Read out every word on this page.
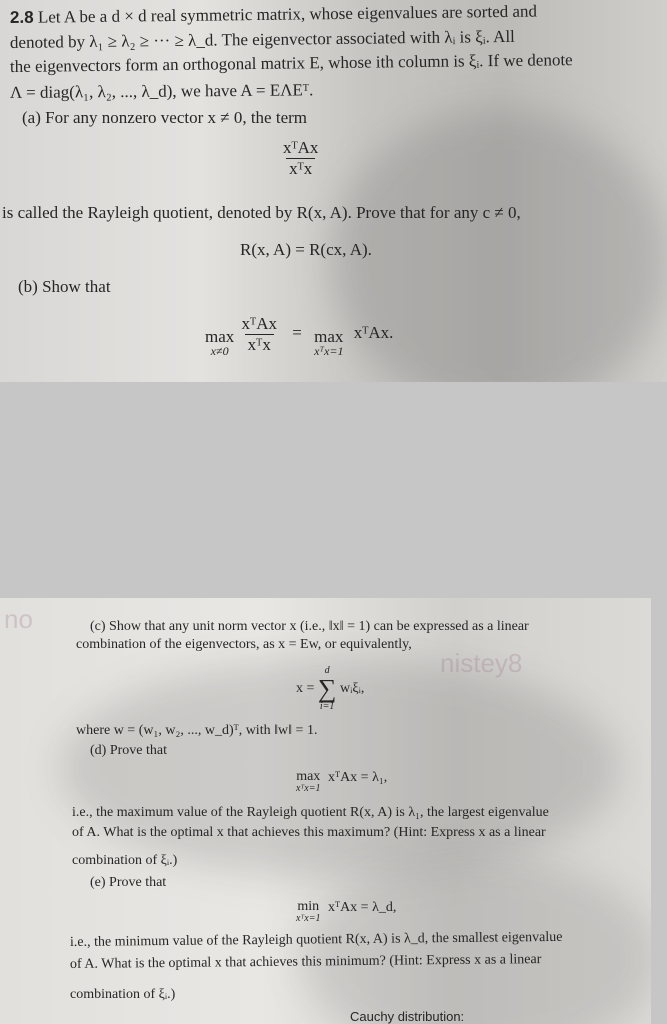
2.8 Let A be a d × d real symmetric matrix, whose eigenvalues are sorted and
denoted by λ₁ ≥ λ₂ ≥ ··· ≥ λ_d. The eigenvector associated with λᵢ is ξᵢ. All
the eigenvectors form an orthogonal matrix E, whose ith column is ξᵢ. If we denote
Λ = diag(λ₁, λ₂, ..., λ_d), we have A = EΛEᵀ.
(a) For any nonzero vector x ≠ 0, the term
$\frac{\text{xᵀAx}}{\text{xᵀx}}$
is called the Rayleigh quotient, denoted by R(x, A). Prove that for any c ≠ 0,
R(x, A) = R(cx, A).
(b) Show that
max
x≠0
$\frac{\text{xᵀAx}}{\text{xᵀx}} = \max$
xᵀx=1
xᵀAx.
no
nistey8
(c) Show that any unit norm vector x (i.e., ‖x‖ = 1) can be expressed as a linear
combination of the eigenvectors, as x = Ew, or equivalently,
x =
d
∑
i=1
wᵢξᵢ,
where w = (w₁, w₂, ..., w_d)ᵀ, with ‖w‖ = 1.
(d) Prove that
max
xᵀx=1
xᵀAx = λ₁,
i.e., the maximum value of the Rayleigh quotient R(x, A) is λ₁, the largest eigenvalue
of A. What is the optimal x that achieves this maximum? (Hint: Express x as a linear
combination of ξᵢ.)
(e) Prove that
min
xᵀx=1
xᵀAx = λ_d,
i.e., the minimum value of the Rayleigh quotient R(x, A) is λ_d, the smallest eigenvalue
of A. What is the optimal x that achieves this minimum? (Hint: Express x as a linear
combination of ξᵢ.)
Cauchy distribution:
